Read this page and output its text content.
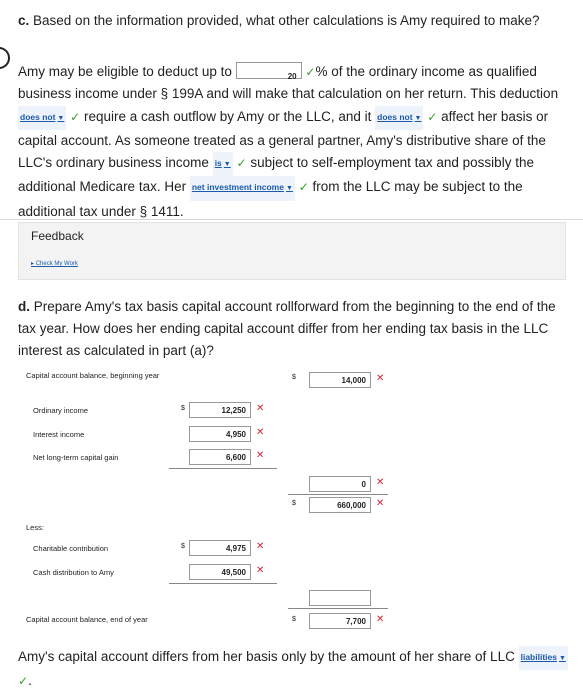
c. Based on the information provided, what other calculations is Amy required to make?
Amy may be eligible to deduct up to	20 ✓% of the ordinary income as qualified business income under § 199A and will make that calculation on her return. This deduction does not ▼ ✓ require a cash outflow by Amy or the LLC, and it does not ▼ ✓ affect her basis or capital account. As someone treated as a general partner, Amy's distributive share of the LLC's ordinary business income is ▼ ✓ subject to self-employment tax and possibly the additional Medicare tax. Her net investment income ▼ ✓ from the LLC may be subject to the additional tax under § 1411.
Feedback
▸ Check My Work
d. Prepare Amy's tax basis capital account rollforward from the beginning to the end of the tax year. How does her ending capital account differ from her ending tax basis in the LLC interest as calculated in part (a)?
Capital account balance, beginning year	$	14,000	✕
Ordinary income	$	12,250	✕
Interest income	4,950	✕
Net long-term capital gain	6,600	✕
0	✕
$	660,000	✕
Less:
Charitable contribution	$	4,975	✕
Cash distribution to Amy	49,500	✕
Capital account balance, end of year	$	7,700	✕
Amy's capital account differs from her basis only by the amount of her share of LLC liabilities ▼ ✓.
